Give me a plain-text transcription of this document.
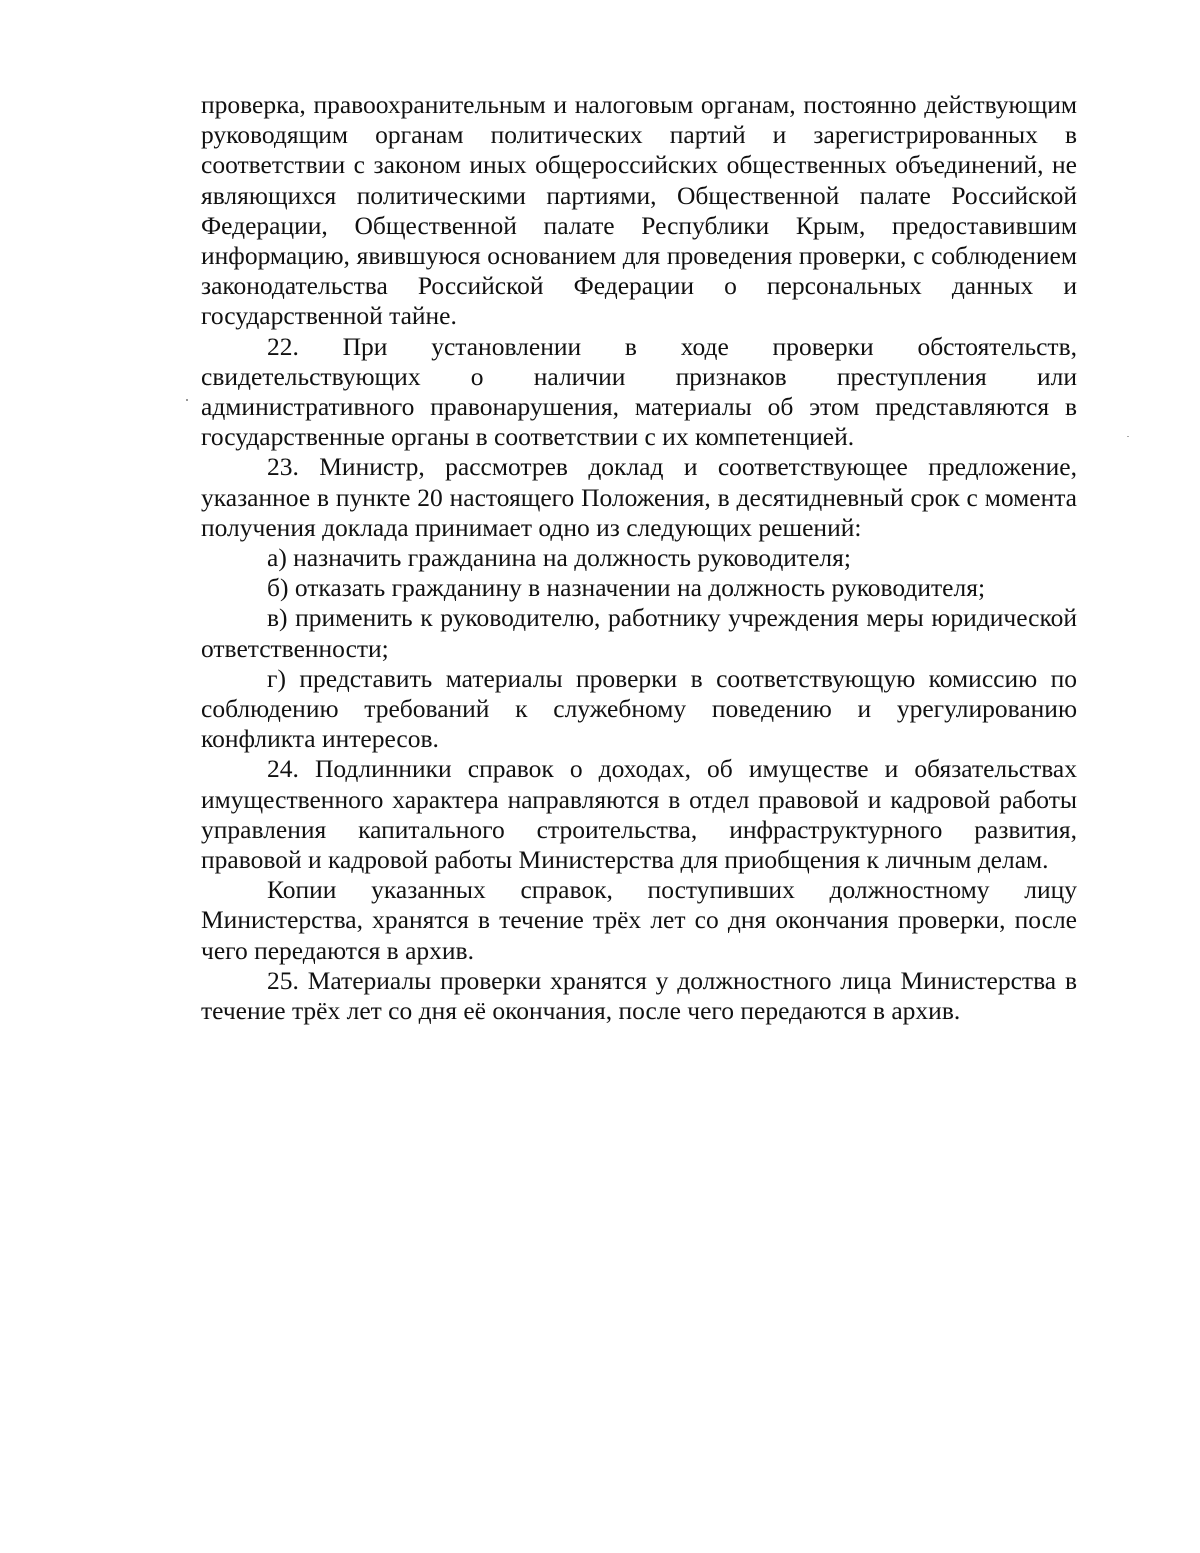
проверка, правоохранительным и налоговым органам, постоянно действующим руководящим органам политических партий и зарегистрированных в соответствии с законом иных общероссийских общественных объединений, не являющихся политическими партиями, Общественной палате Российской Федерации, Общественной палате Республики Крым, предоставившим информацию, явившуюся основанием для проведения проверки, с соблюдением законодательства Российской Федерации о персональных данных и государственной тайне.

22. При установлении в ходе проверки обстоятельств, свидетельствующих о наличии признаков преступления или административного правонарушения, материалы об этом представляются в государственные органы в соответствии с их компетенцией.

23. Министр, рассмотрев доклад и соответствующее предложение, указанное в пункте 20 настоящего Положения, в десятидневный срок с момента получения доклада принимает одно из следующих решений:

а) назначить гражданина на должность руководителя;

б) отказать гражданину в назначении на должность руководителя;

в) применить к руководителю, работнику учреждения меры юридической ответственности;

г) представить материалы проверки в соответствующую комиссию по соблюдению требований к служебному поведению и урегулированию конфликта интересов.

24. Подлинники справок о доходах, об имуществе и обязательствах имущественного характера направляются в отдел правовой и кадровой работы управления капитального строительства, инфраструктурного развития, правовой и кадровой работы Министерства для приобщения к личным делам.

Копии указанных справок, поступивших должностному лицу Министерства, хранятся в течение трёх лет со дня окончания проверки, после чего передаются в архив.

25. Материалы проверки хранятся у должностного лица Министерства в течение трёх лет со дня её окончания, после чего передаются в архив.
